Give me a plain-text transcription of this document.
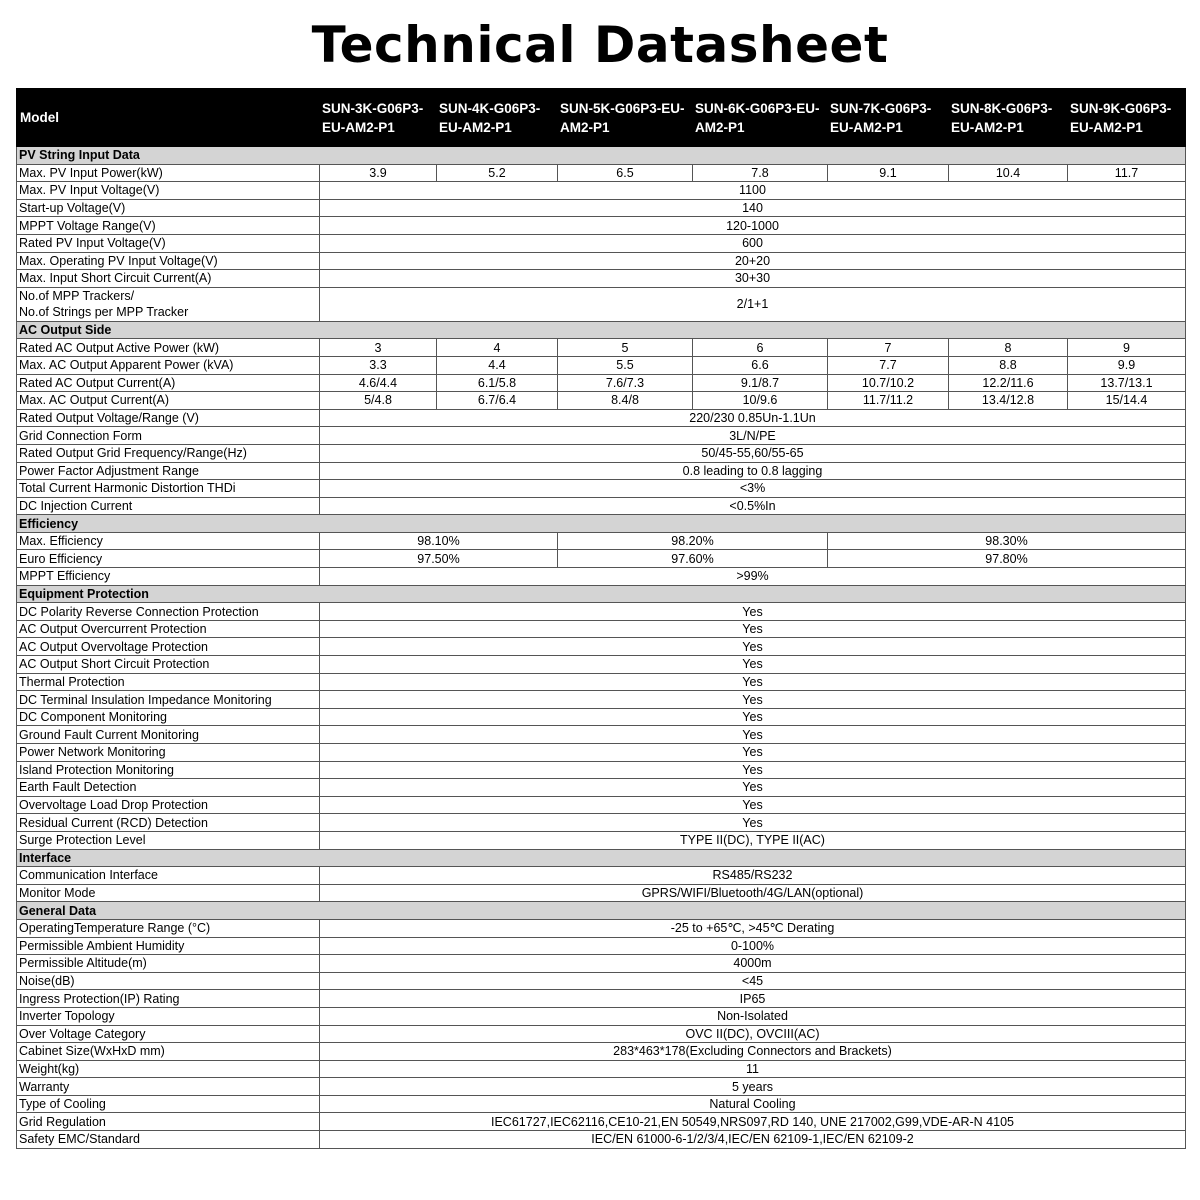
Technical Datasheet
Model	SUN-3K-G06P3-EU-AM2-P1	SUN-4K-G06P3-EU-AM2-P1	SUN-5K-G06P3-EU-AM2-P1	SUN-6K-G06P3-EU-AM2-P1	SUN-7K-G06P3-EU-AM2-P1	SUN-8K-G06P3-EU-AM2-P1	SUN-9K-G06P3-EU-AM2-P1
PV String Input Data							
Max. PV Input Power(kW)	3.9	5.2	6.5	7.8	9.1	10.4	11.7
Max. PV Input Voltage(V)	1100						
Start-up Voltage(V)	140						
MPPT Voltage Range(V)	120-1000						
Rated PV Input Voltage(V)	600						
Max. Operating PV Input Voltage(V)	20+20						
Max. Input Short Circuit Current(A)	30+30						
No.of MPP Trackers/
No.of Strings per MPP Tracker	2/1+1						
AC Output Side							
Rated AC Output Active Power (kW)	3	4	5	6	7	8	9
Max. AC Output Apparent Power (kVA)	3.3	4.4	5.5	6.6	7.7	8.8	9.9
Rated AC Output Current(A)	4.6/4.4	6.1/5.8	7.6/7.3	9.1/8.7	10.7/10.2	12.2/11.6	13.7/13.1
Max. AC Output Current(A)	5/4.8	6.7/6.4	8.4/8	10/9.6	11.7/11.2	13.4/12.8	15/14.4
Rated Output Voltage/Range (V)	220/230 0.85Un-1.1Un						
Grid Connection Form	3L/N/PE						
Rated Output Grid Frequency/Range(Hz)	50/45-55,60/55-65						
Power Factor Adjustment Range	0.8 leading to 0.8 lagging						
Total Current Harmonic Distortion THDi	<3%						
DC Injection Current	<0.5%In						
Efficiency							
Max. Efficiency	98.10%		98.20%		98.30%		
Euro Efficiency	97.50%		97.60%		97.80%		
MPPT Efficiency	>99%						
Equipment Protection							
DC Polarity Reverse Connection Protection	Yes						
AC Output Overcurrent Protection	Yes						
AC Output Overvoltage Protection	Yes						
AC Output Short Circuit Protection	Yes						
Thermal Protection	Yes						
DC Terminal Insulation Impedance Monitoring	Yes						
DC Component Monitoring	Yes						
Ground Fault Current Monitoring	Yes						
Power Network Monitoring	Yes						
Island Protection Monitoring	Yes						
Earth Fault Detection	Yes						
Overvoltage Load Drop Protection	Yes						
Residual Current (RCD) Detection	Yes						
Surge Protection Level	TYPE II(DC), TYPE II(AC)						
Interface							
Communication Interface	RS485/RS232						
Monitor Mode	GPRS/WIFI/Bluetooth/4G/LAN(optional)						
General Data							
OperatingTemperature Range (°C)	-25 to +65℃, >45℃ Derating						
Permissible Ambient Humidity	0-100%						
Permissible Altitude(m)	4000m						
Noise(dB)	<45						
Ingress Protection(IP) Rating	IP65						
Inverter Topology	Non-Isolated						
Over Voltage Category	OVC II(DC), OVCIII(AC)						
Cabinet Size(WxHxD mm)	283*463*178(Excluding Connectors and Brackets)						
Weight(kg)	11						
Warranty	5 years						
Type of Cooling	Natural Cooling						
Grid Regulation	IEC61727,IEC62116,CE10-21,EN 50549,NRS097,RD 140, UNE 217002,G99,VDE-AR-N 4105						
Safety EMC/Standard	IEC/EN 61000-6-1/2/3/4,IEC/EN 62109-1,IEC/EN 62109-2						
